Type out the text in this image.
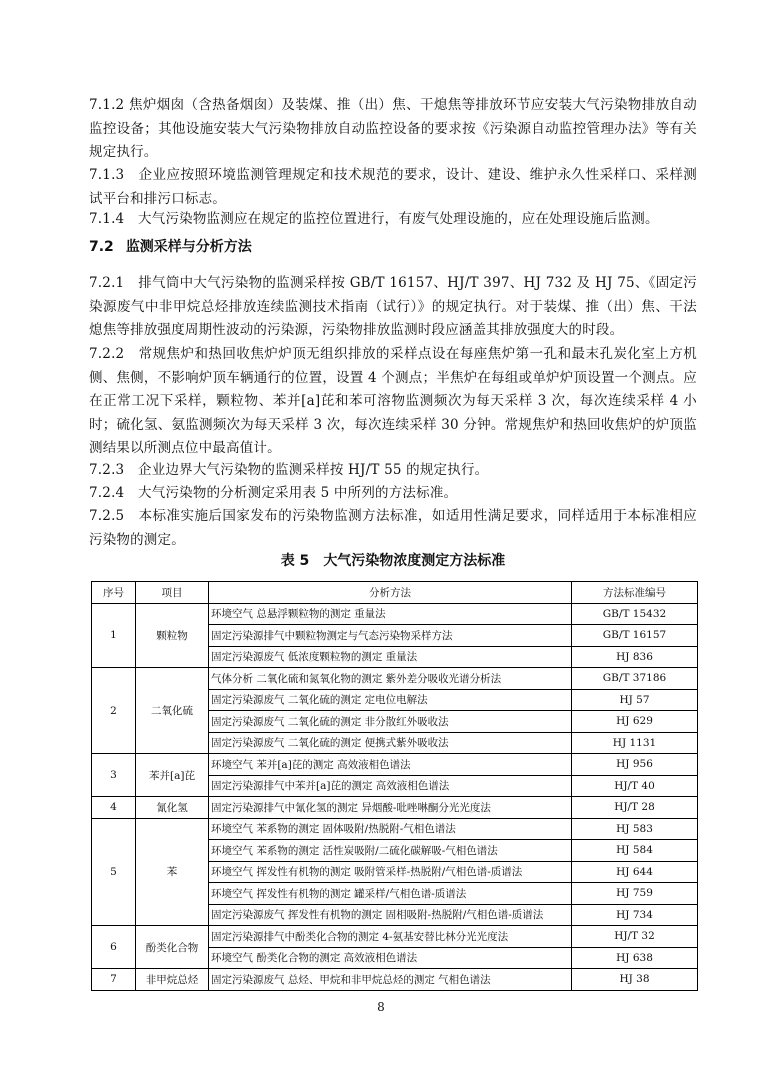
7.1.2 焦炉烟囱（含热备烟囱）及装煤、推（出）焦、干熄焦等排放环节应安装大气污染物排放自动监控设备；其他设施安装大气污染物排放自动监控设备的要求按《污染源自动监控管理办法》等有关规定执行。
7.1.3　企业应按照环境监测管理规定和技术规范的要求，设计、建设、维护永久性采样口、采样测试平台和排污口标志。
7.1.4　大气污染物监测应在规定的监控位置进行，有废气处理设施的，应在处理设施后监测。
7.2 监测采样与分析方法
7.2.1　排气筒中大气污染物的监测采样按 GB/T 16157、HJ/T 397、HJ 732 及 HJ 75、《固定污染源废气中非甲烷总烃排放连续监测技术指南（试行）》的规定执行。对于装煤、推（出）焦、干法熄焦等排放强度周期性波动的污染源，污染物排放监测时段应涵盖其排放强度大的时段。
7.2.2　常规焦炉和热回收焦炉炉顶无组织排放的采样点设在每座焦炉第一孔和最末孔炭化室上方机侧、焦侧，不影响炉顶车辆通行的位置，设置 4 个测点；半焦炉在每组或单炉炉顶设置一个测点。应在正常工况下采样，颗粒物、苯并[a]芘和苯可溶物监测频次为每天采样 3 次，每次连续采样 4 小时；硫化氢、氨监测频次为每天采样 3 次，每次连续采样 30 分钟。常规焦炉和热回收焦炉的炉顶监测结果以所测点位中最高值计。
7.2.3　企业边界大气污染物的监测采样按 HJ/T 55 的规定执行。
7.2.4　大气污染物的分析测定采用表 5 中所列的方法标准。
7.2.5　本标准实施后国家发布的污染物监测方法标准，如适用性满足要求，同样适用于本标准相应污染物的测定。
表 5 大气污染物浓度测定方法标准
序号	项目	分析方法	方法标准编号
1	颗粒物	环境空气 总悬浮颗粒物的测定 重量法	GB/T 15432
		固定污染源排气中颗粒物测定与气态污染物采样方法	GB/T 16157
		固定污染源废气 低浓度颗粒物的测定 重量法	HJ 836
2	二氧化硫	气体分析 二氧化硫和氮氧化物的测定 紫外差分吸收光谱分析法	GB/T 37186
		固定污染源废气 二氧化硫的测定 定电位电解法	HJ 57
		固定污染源废气 二氧化硫的测定 非分散红外吸收法	HJ 629
		固定污染源废气 二氧化硫的测定 便携式紫外吸收法	HJ 1131
3	苯并[a]芘	环境空气 苯并[a]芘的测定 高效液相色谱法	HJ 956
		固定污染源排气中苯并[a]芘的测定 高效液相色谱法	HJ/T 40
4	氰化氢	固定污染源排气中氰化氢的测定 异烟酸-吡唑啉酮分光光度法	HJ/T 28
5	苯	环境空气 苯系物的测定 固体吸附/热脱附-气相色谱法	HJ 583
		环境空气 苯系物的测定 活性炭吸附/二硫化碳解吸-气相色谱法	HJ 584
		环境空气 挥发性有机物的测定 吸附管采样-热脱附/气相色谱-质谱法	HJ 644
		环境空气 挥发性有机物的测定 罐采样/气相色谱-质谱法	HJ 759
		固定污染源废气 挥发性有机物的测定 固相吸附-热脱附/气相色谱-质谱法	HJ 734
6	酚类化合物	固定污染源排气中酚类化合物的测定 4-氨基安替比林分光光度法	HJ/T 32
		环境空气 酚类化合物的测定 高效液相色谱法	HJ 638
7	非甲烷总烃	固定污染源废气 总烃、甲烷和非甲烷总烃的测定 气相色谱法	HJ 38
8
